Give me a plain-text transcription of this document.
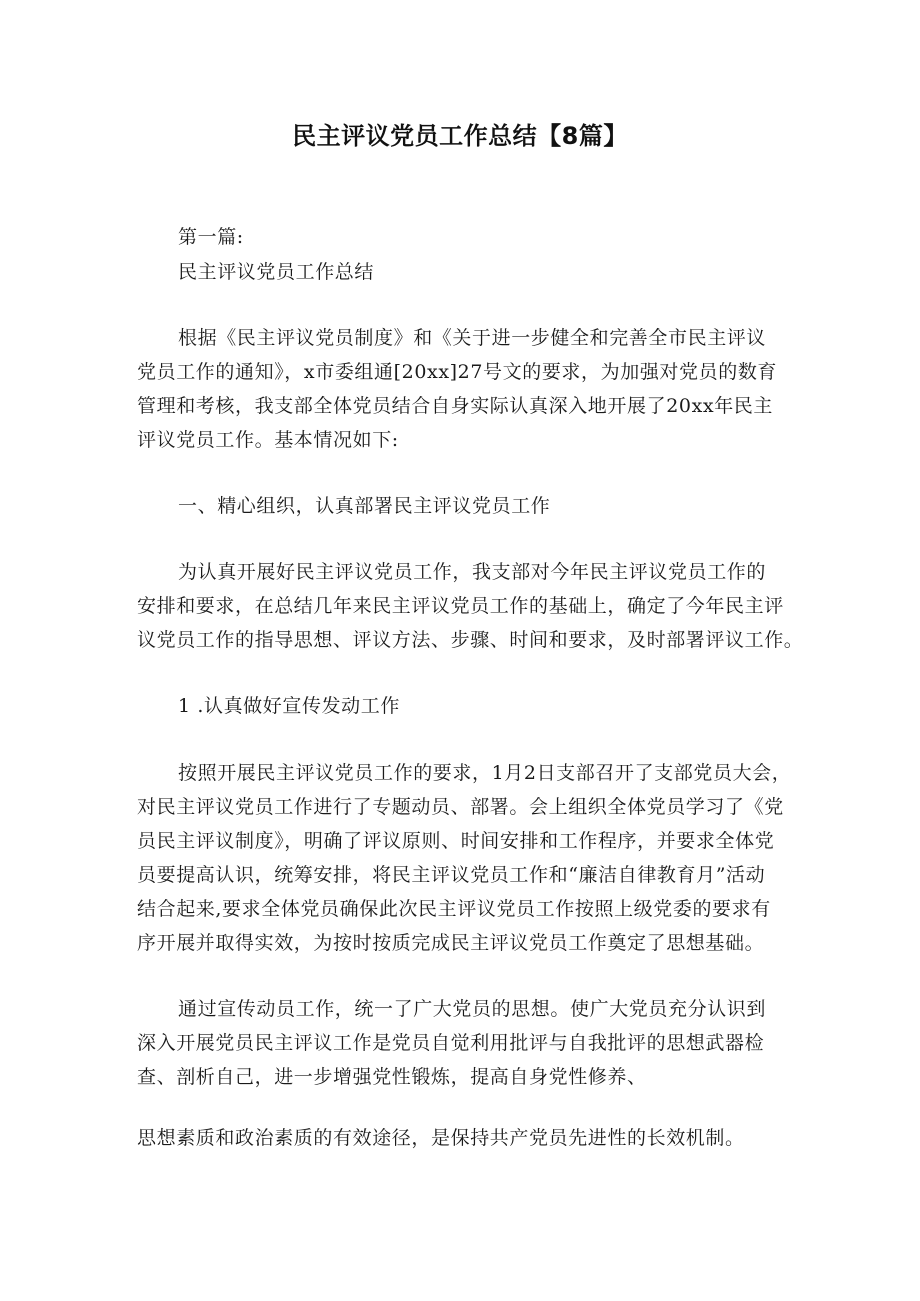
民主评议党员工作总结【8篇】
第一篇:
民主评议党员工作总结
根据《民主评议党员制度》和《关于进一步健全和完善全市民主评议
党员工作的通知》，x市委组通[20xx]27号文的要求，为加强对党员的数育
管理和考核，我支部全体党员结合自身实际认真深入地开展了20xx年民主
评议党员工作。基本情况如下:
一、精心组织，认真部署民主评议党员工作
为认真开展好民主评议党员工作，我支部对今年民主评议党员工作的
安排和要求，在总结几年来民主评议党员工作的基础上，确定了今年民主评
议党员工作的指导思想、评议方法、步骤、时间和要求，及时部署评议工作。
1 .认真做好宣传发动工作
按照开展民主评议党员工作的要求，1月2日支部召开了支部党员大会，
对民主评议党员工作进行了专题动员、部署。会上组织全体党员学习了《党
员民主评议制度》，明确了评议原则、时间安排和工作程序，并要求全体党
员要提高认识，统筹安排，将民主评议党员工作和“廉洁自律教育月”活动
结合起来,要求全体党员确保此次民主评议党员工作按照上级党委的要求有
序开展并取得实效，为按时按质完成民主评议党员工作奠定了思想基础。
通过宣传动员工作，统一了广大党员的思想。使广大党员充分认识到
深入开展党员民主评议工作是党员自觉利用批评与自我批评的思想武器检
查、剖析自己，进一步增强党性锻炼，提高自身党性修养、
思想素质和政治素质的有效途径，是保持共产党员先进性的长效机制。
